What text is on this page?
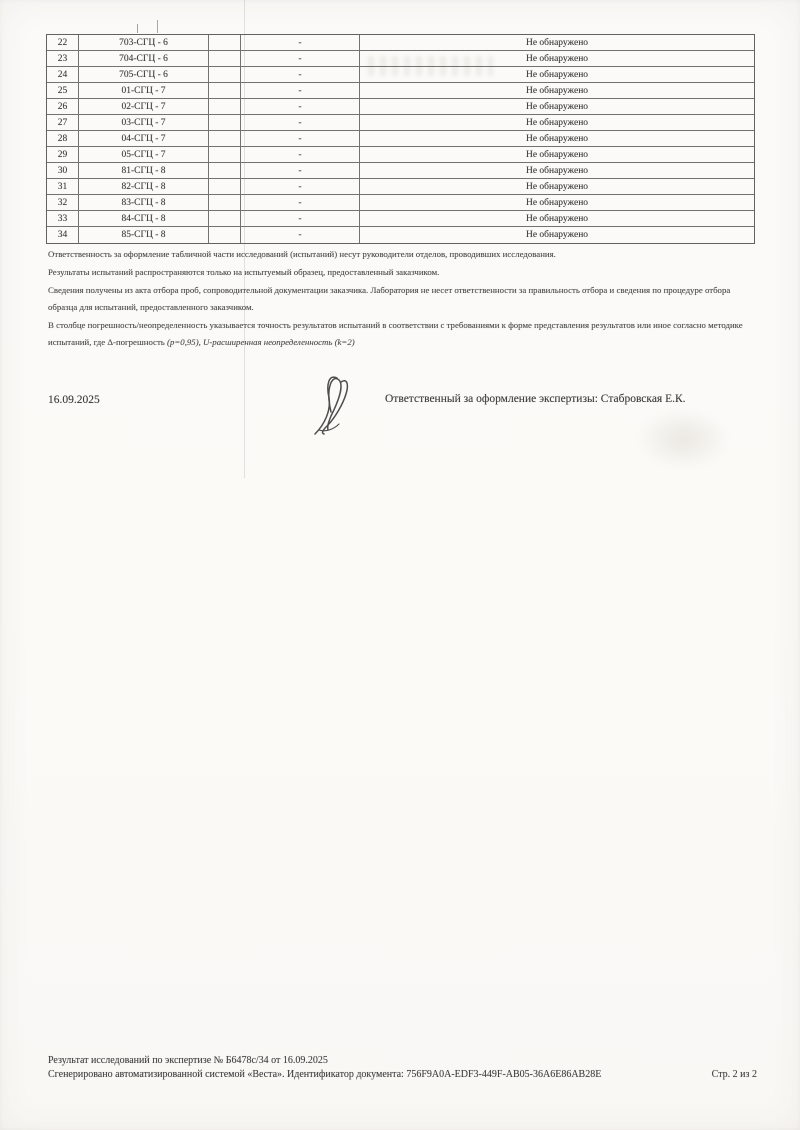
22	703-СГЦ - 6	-	Не обнаружено
23	704-СГЦ - 6	-	Не обнаружено
24	705-СГЦ - 6	-	Не обнаружено
25	01-СГЦ - 7	-	Не обнаружено
26	02-СГЦ - 7	-	Не обнаружено
27	03-СГЦ - 7	-	Не обнаружено
28	04-СГЦ - 7	-	Не обнаружено
29	05-СГЦ - 7	-	Не обнаружено
30	81-СГЦ - 8	-	Не обнаружено
31	82-СГЦ - 8	-	Не обнаружено
32	83-СГЦ - 8	-	Не обнаружено
33	84-СГЦ - 8	-	Не обнаружено
34	85-СГЦ - 8	-	Не обнаружено

Ответственность за оформление табличной части исследований (испытаний) несут руководители отделов, проводивших исследования.

Результаты испытаний распространяются только на испытуемый образец, предоставленный заказчиком.

Сведения получены из акта отбора проб, сопроводительной документации заказчика. Лаборатория не несет ответственности за правильность отбора и сведения по процедуре отбора образца для испытаний, предоставленного заказчиком.

В столбце погрешность/неопределенность указывается точность результатов испытаний в соответствии с требованиями к форме представления результатов или иное согласно методике испытаний, где Δ-погрешность (p=0,95), U-расширенная неопределенность (k=2)

16.09.2025	Ответственный за оформление экспертизы: Стабровская Е.К.
Результат исследований по экспертизе № Б6478с/34 от 16.09.2025
Сгенерировано автоматизированной системой «Веста». Идентификатор документа: 756F9A0A-EDF3-449F-AB05-36A6E86AB28E	Стр. 2 из 2
